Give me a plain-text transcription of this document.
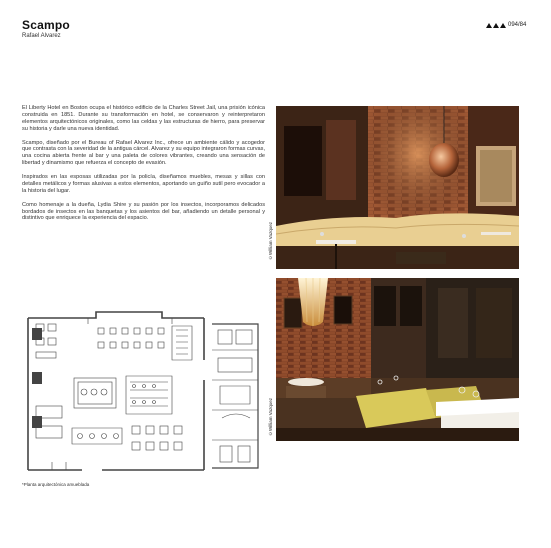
Scampo
Rafael Alvarez
094/84

El Liberty Hotel en Boston ocupa el histórico edificio de la Charles Street Jail, una prisión icónica construida en 1851. Durante su transformación en hotel, se conservaron y reinterpretaron elementos arquitectónicos originales, como las celdas y las estructuras de hierro, para preservar su historia y darle una nueva identidad.

Scampo, diseñado por el Bureau of Rafael Alvarez Inc., ofrece un ambiente cálido y acogedor que contrasta con la severidad de la antigua cárcel. Alvarez y su equipo integraron formas curvas, una cocina abierta frente al bar y una paleta de colores vibrantes, creando una sensación de libertad y dinamismo que refuerza el concepto de evasión.

Inspirados en las esposas utilizadas por la policía, diseñamos muebles, mesas y sillas con detalles metálicos y formas alusivas a estos elementos, aportando un guiño sutil pero evocador a la historia del lugar.

Como homenaje a la dueña, Lydia Shire y su pasión por los insectos, incorporamos delicados bordados de insectos en las banquetas y los asientos del bar, añadiendo un detalle personal y distintivo que enriquece la experiencia del espacio.

©William Vazquez
©William Vazquez
*Planta arquitectónica amueblada
